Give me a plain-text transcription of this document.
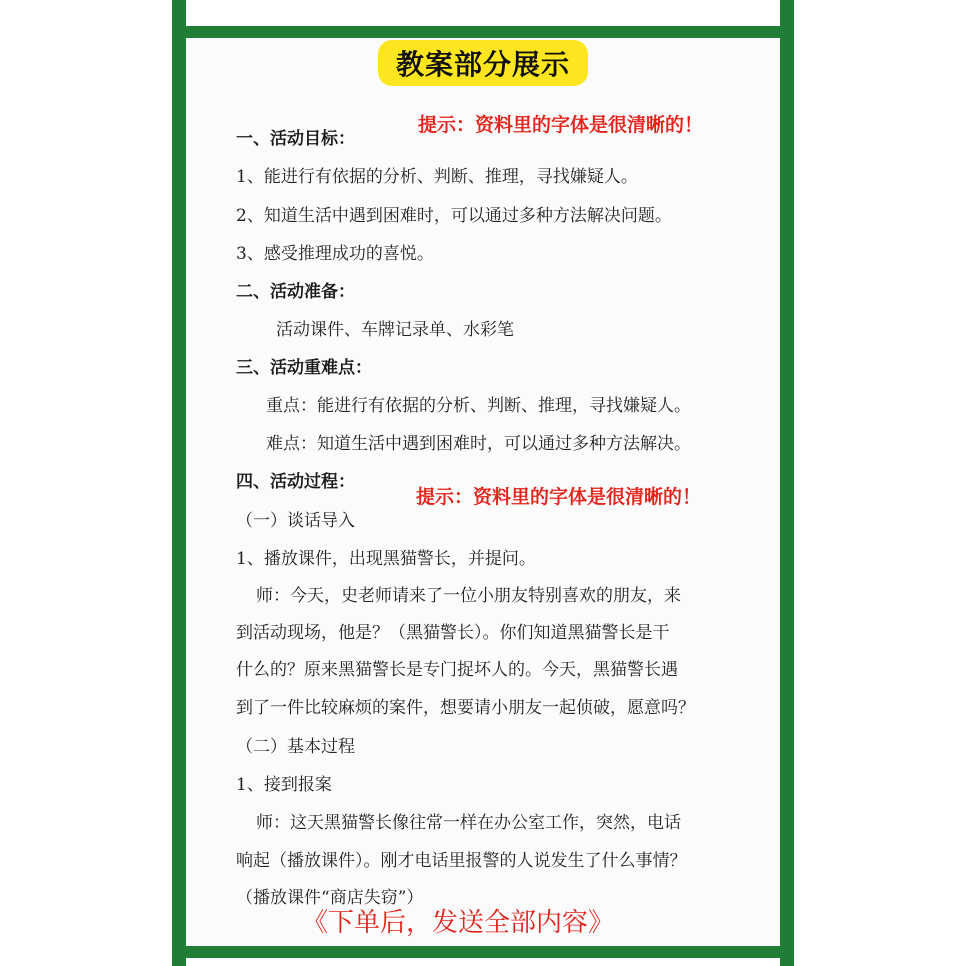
教案部分展示
提示：资料里的字体是很清晰的！
提示：资料里的字体是很清晰的！
一、活动目标：
1、能进行有依据的分析、判断、推理，寻找嫌疑人。
2、知道生活中遇到困难时，可以通过多种方法解决问题。
3、感受推理成功的喜悦。
二、活动准备：
活动课件、车牌记录单、水彩笔
三、活动重难点：
重点：能进行有依据的分析、判断、推理，寻找嫌疑人。
难点：知道生活中遇到困难时，可以通过多种方法解决。
四、活动过程：
（一）谈话导入
1、播放课件，出现黑猫警长，并提问。
师：今天，史老师请来了一位小朋友特别喜欢的朋友，来
到活动现场，他是？（黑猫警长）。你们知道黑猫警长是干
什么的？原来黑猫警长是专门捉坏人的。今天，黑猫警长遇
到了一件比较麻烦的案件，想要请小朋友一起侦破，愿意吗？
（二）基本过程
1、接到报案
师：这天黑猫警长像往常一样在办公室工作，突然，电话
响起（播放课件）。刚才电话里报警的人说发生了什么事情？
（播放课件“商店失窃”）
《下单后，发送全部内容》
